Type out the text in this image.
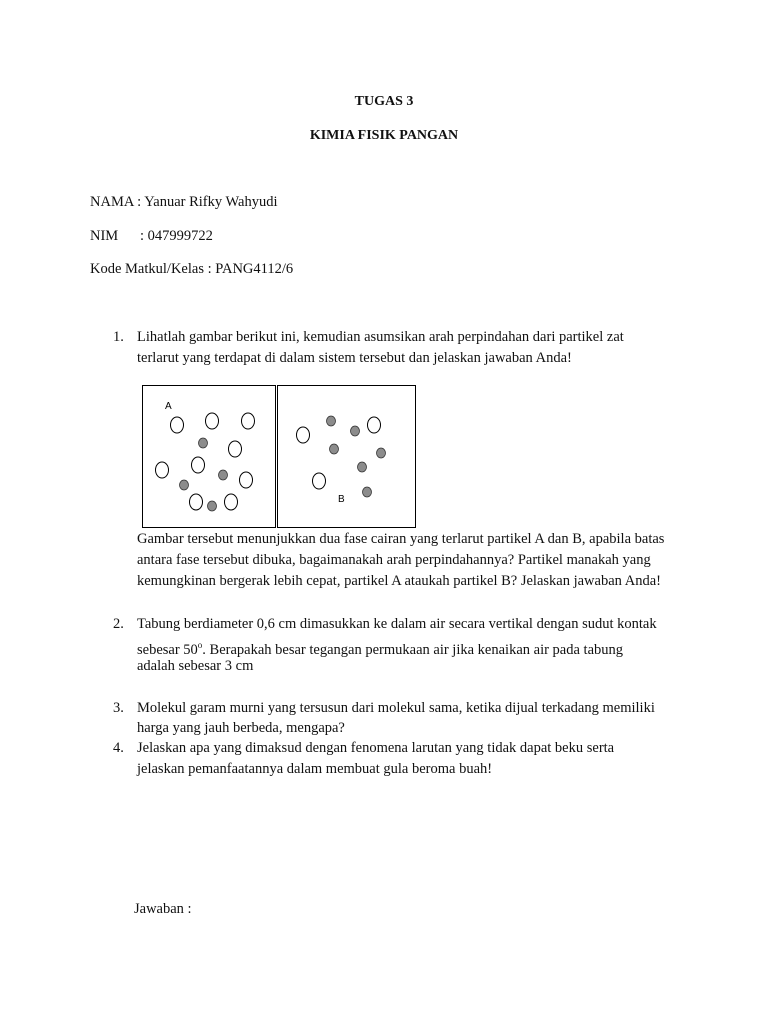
TUGAS 3
KIMIA FISIK PANGAN
NAMA : Yanuar Rifky Wahyudi
NIM : 047999722
Kode Matkul/Kelas : PANG4112/6
1. Lihatlah gambar berikut ini, kemudian asumsikan arah perpindahan dari partikel zat
terlarut yang terdapat di dalam sistem tersebut dan jelaskan jawaban Anda!
A
B
Gambar tersebut menunjukkan dua fase cairan yang terlarut partikel A dan B, apabila batas
antara fase tersebut dibuka, bagaimanakah arah perpindahannya? Partikel manakah yang
kemungkinan bergerak lebih cepat, partikel A ataukah partikel B? Jelaskan jawaban Anda!
2. Tabung berdiameter 0,6 cm dimasukkan ke dalam air secara vertikal dengan sudut kontak
sebesar 50$^o$. Berapakah besar tegangan permukaan air jika kenaikan air pada tabung
adalah sebesar 3 cm
3. Molekul garam murni yang tersusun dari molekul sama, ketika dijual terkadang memiliki
harga yang jauh berbeda, mengapa?
4. Jelaskan apa yang dimaksud dengan fenomena larutan yang tidak dapat beku serta
jelaskan pemanfaatannya dalam membuat gula beroma buah!
Jawaban :
